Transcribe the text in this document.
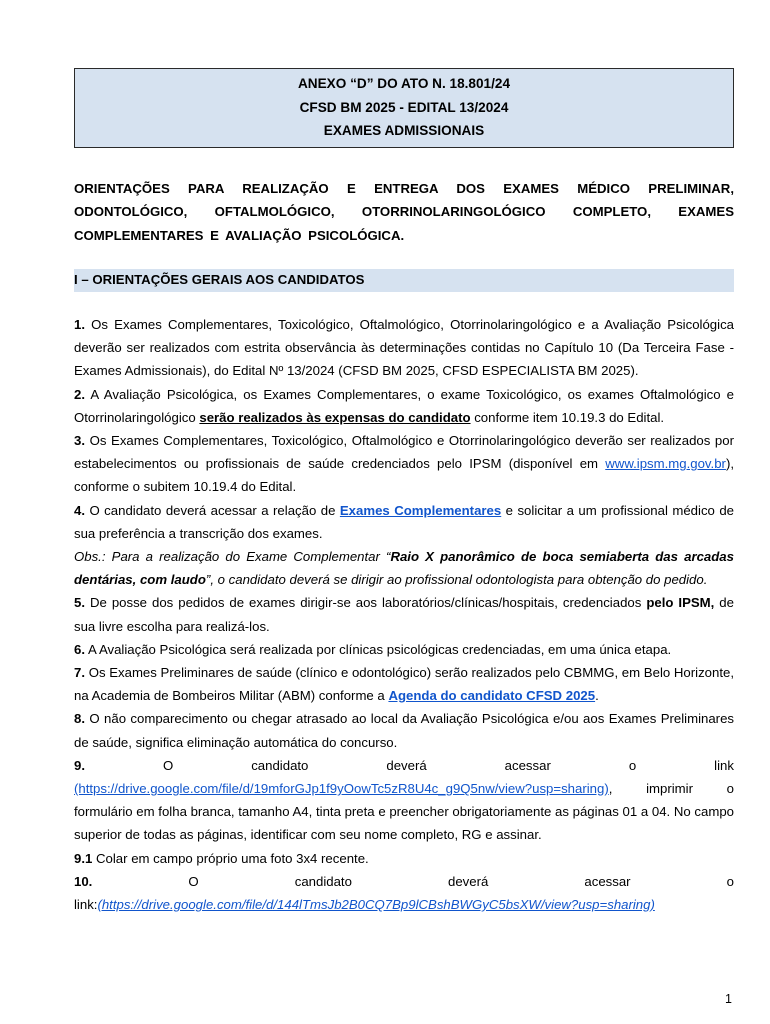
ANEXO “D” DO ATO N. 18.801/24
CFSD BM 2025 - EDITAL 13/2024
EXAMES ADMISSIONAIS
ORIENTAÇÕES PARA REALIZAÇÃO E ENTREGA DOS EXAMES MÉDICO PRELIMINAR, ODONTOLÓGICO, OFTALMOLÓGICO, OTORRINOLARINGOLÓGICO COMPLETO, EXAMES COMPLEMENTARES E AVALIAÇÃO PSICOLÓGICA.
I – ORIENTAÇÕES GERAIS AOS CANDIDATOS

1. Os Exames Complementares, Toxicológico, Oftalmológico, Otorrinolaringológico e a Avaliação Psicológica deverão ser realizados com estrita observância às determinações contidas no Capítulo 10 (Da Terceira Fase - Exames Admissionais), do Edital Nº 13/2024 (CFSD BM 2025, CFSD ESPECIALISTA BM 2025).

2. A Avaliação Psicológica, os Exames Complementares, o exame Toxicológico, os exames Oftalmológico e Otorrinolaringológico serão realizados às expensas do candidato conforme item 10.19.3 do Edital.

3. Os Exames Complementares, Toxicológico, Oftalmológico e Otorrinolaringológico deverão ser realizados por estabelecimentos ou profissionais de saúde credenciados pelo IPSM (disponível em www.ipsm.mg.gov.br), conforme o subitem 10.19.4 do Edital.

4. O candidato deverá acessar a relação de Exames Complementares e solicitar a um profissional médico de sua preferência a transcrição dos exames.

Obs.: Para a realização do Exame Complementar “Raio X panorâmico de boca semiaberta das arcadas dentárias, com laudo”, o candidato deverá se dirigir ao profissional odontologista para obtenção do pedido.

5. De posse dos pedidos de exames dirigir-se aos laboratórios/clínicas/hospitais, credenciados pelo IPSM, de sua livre escolha para realizá-los.

6. A Avaliação Psicológica será realizada por clínicas psicológicas credenciadas, em uma única etapa.

7. Os Exames Preliminares de saúde (clínico e odontológico) serão realizados pelo CBMMG, em Belo Horizonte, na Academia de Bombeiros Militar (ABM) conforme a Agenda do candidato CFSD 2025.

8. O não comparecimento ou chegar atrasado ao local da Avaliação Psicológica e/ou aos Exames Preliminares de saúde, significa eliminação automática do concurso.

9.	O	candidato	deverá	acessar	o	link

(https://drive.google.com/file/d/19mforGJp1f9yOowTc5zR8U4c_g9Q5nw/view?usp=sharing), imprimir o formulário em folha branca, tamanho A4, tinta preta e preencher obrigatoriamente as páginas 01 a 04. No campo superior de todas as páginas, identificar com seu nome completo, RG e assinar.

9.1 Colar em campo próprio uma foto 3x4 recente.

10.	O	candidato	deverá	acessar	o

link:(https://drive.google.com/file/d/144lTmsJb2B0CQ7Bp9lCBshBWGyC5bsXW/view?usp=sharing)

1
